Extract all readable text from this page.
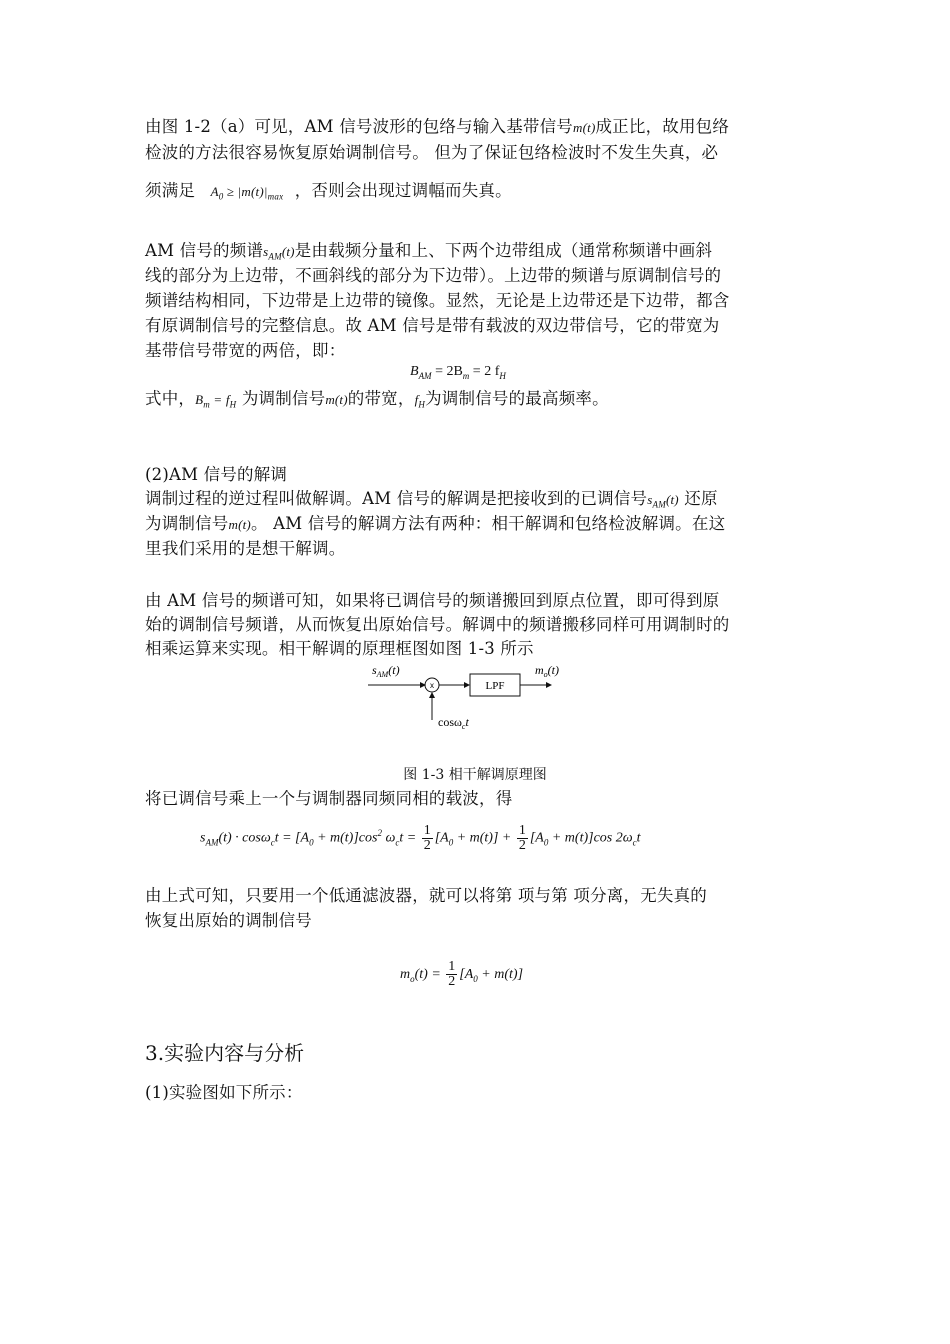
由图 1-2（a）可见，AM 信号波形的包络与输入基带信号m(t)成正比，故用包络
检波的方法很容易恢复原始调制信号。 但为了保证包络检波时不发生失真，必
须满足 $A_0 \ge |m(t)|_{max}$ ，否则会出现过调幅而失真。
AM 信号的频谱$s_{AM}(t)$是由载频分量和上、下两个边带组成（通常称频谱中画斜
线的部分为上边带，不画斜线的部分为下边带）。上边带的频谱与原调制信号的
频谱结构相同，下边带是上边带的镜像。显然，无论是上边带还是下边带，都含
有原调制信号的完整信息。故 AM 信号是带有载波的双边带信号，它的带宽为
基带信号带宽的两倍，即：
$B_{AM} = 2B_m = 2$ $f_H$
式中，$B_m = f_H$ 为调制信号m(t)的带宽，$f_H$为调制信号的最高频率。
(2)AM 信号的解调
调制过程的逆过程叫做解调。AM 信号的解调是把接收到的已调信号$s_{AM}(t)$ 还原
为调制信号m(t)。 AM 信号的解调方法有两种：相干解调和包络检波解调。在这
里我们采用的是想干解调。
由 AM 信号的频谱可知，如果将已调信号的频谱搬回到原点位置，即可得到原
始的调制信号频谱，从而恢复出原始信号。解调中的频谱搬移同样可用调制时的
相乘运算来实现。相干解调的原理框图如图 1-3 所示
$s_{AM}(t)$
x	LPF
$m_o(t)$
cosω$_c$t
图 1-3 相干解调原理图
将已调信号乘上一个与调制器同频同相的载波，得
$s_{AM}(t) \cdot \cos\omega_ct = [A_0 + m(t)]\cos^2$ $\omega_ct = \frac{1}{2} [A_0 + m(t)] + \frac{1}{2} [A_0 + m(t)]\cos$ $2\omega_ct$
由上式可知，只要用一个低通滤波器，就可以将第 项与第 项分离，无失真的
恢复出原始的调制信号
$m_o(t) = \frac{1}{2} [A_0 + m(t)]$
3.实验内容与分析
(1)实验图如下所示：
